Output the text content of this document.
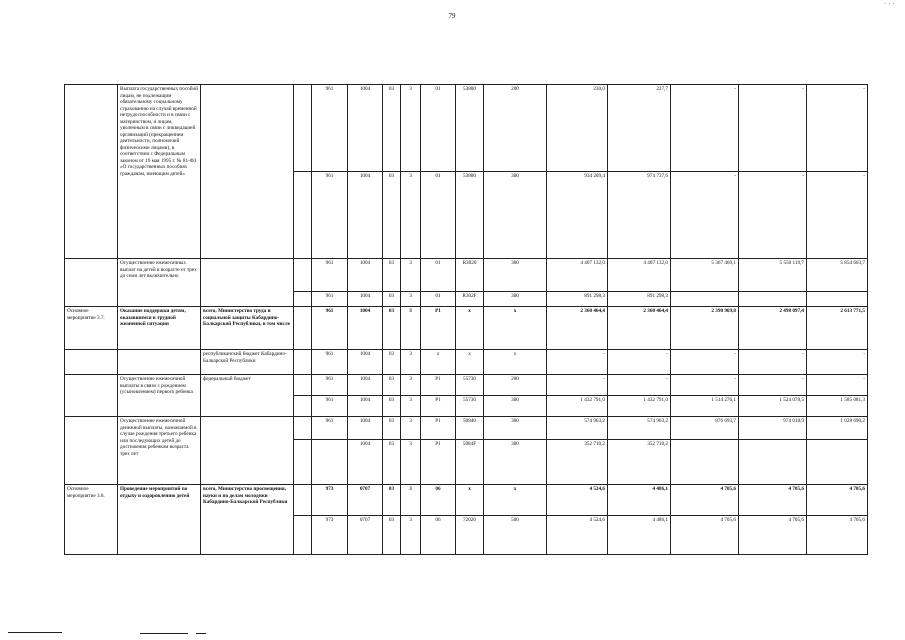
79
· · ·
	Выплата государственных пособий лицам, не подлежащим обязательному социальному страхованию на случай временной нетрудоспособности и в связи с материнством, и лицам, уволенным в связи с ликвидацией организаций (прекращением деятельности, полномочий физическими лицами), в соответствии с Федеральным законом от 19 мая 1995 г. № 81-ФЗ «О государственных пособиях гражданам, имеющим детей»			961	1004	03	3	01	53800	200	230,0	227,7	-	-	-
				961	1004	03	3	01	53800	300	934 209,4	974 737,6	-	-	-
	Осуществление ежемесячных выплат на детей в возрасте от трех до семи лет включительно			961	1004	03	3	01	R3020	300	4 407 132,0	4 407 132,0	5 367 469,1	5 550 119,7	5 854 603,7
				961	1004	03	3	01	R302F	300	891 298,3	891 298,3			
Основное мероприятие 3.7.	Оказание поддержки детям, оказавшимся в трудной жизненной ситуации	всего, Министерство труда и социальной защиты Кабардино-Балкарской Республики, в том числе		961	1004	03	3	P1	x	x	2 360 464,4	2 360 464,4	2 390 969,8	2 498 097,4	2 613 771,5
		республиканский бюджет Кабардино-Балкарской Республики		961	1004	03	3	x	x	x	-	-	-	-	-
	Осуществление ежемесячной выплаты в связи с рождением (усыновлением) первого ребенка	федеральный бюджет		961	1004	03	3	P1	55730	200	-	-	-	-	-
				961	1004	03	3	P1	55730	300	1 432 791,0	1 432 791,0	1 514 276,1	1 524 078,5	1 585 081,3
	Осуществление ежемесячной денежной выплаты, назначаемой в случае рождения третьего ребенка или последующих детей до достижения ребенком возраста трех лет			961	1004	03	3	P1	50840	300	574 963,2	574 963,2	876 693,7	974 018,9	1 028 690,2
					1004	03	3	P1	5084F	300	352 710,2	352 710,2			
Основное мероприятие 3.8.	Проведение мероприятий по отдыху и оздоровлению детей	всего, Министерство просвещения, науки и по делам молодежи Кабардино-Балкарской Республики		973	0707	03	3	06	x	x	4 524,6	4 486,1	4 705,6	4 705,6	4 705,6
				973	0707	03	3	06	72020	500	4 524,6	4 486,1	4 705,6	4 705,6	4 705,6
